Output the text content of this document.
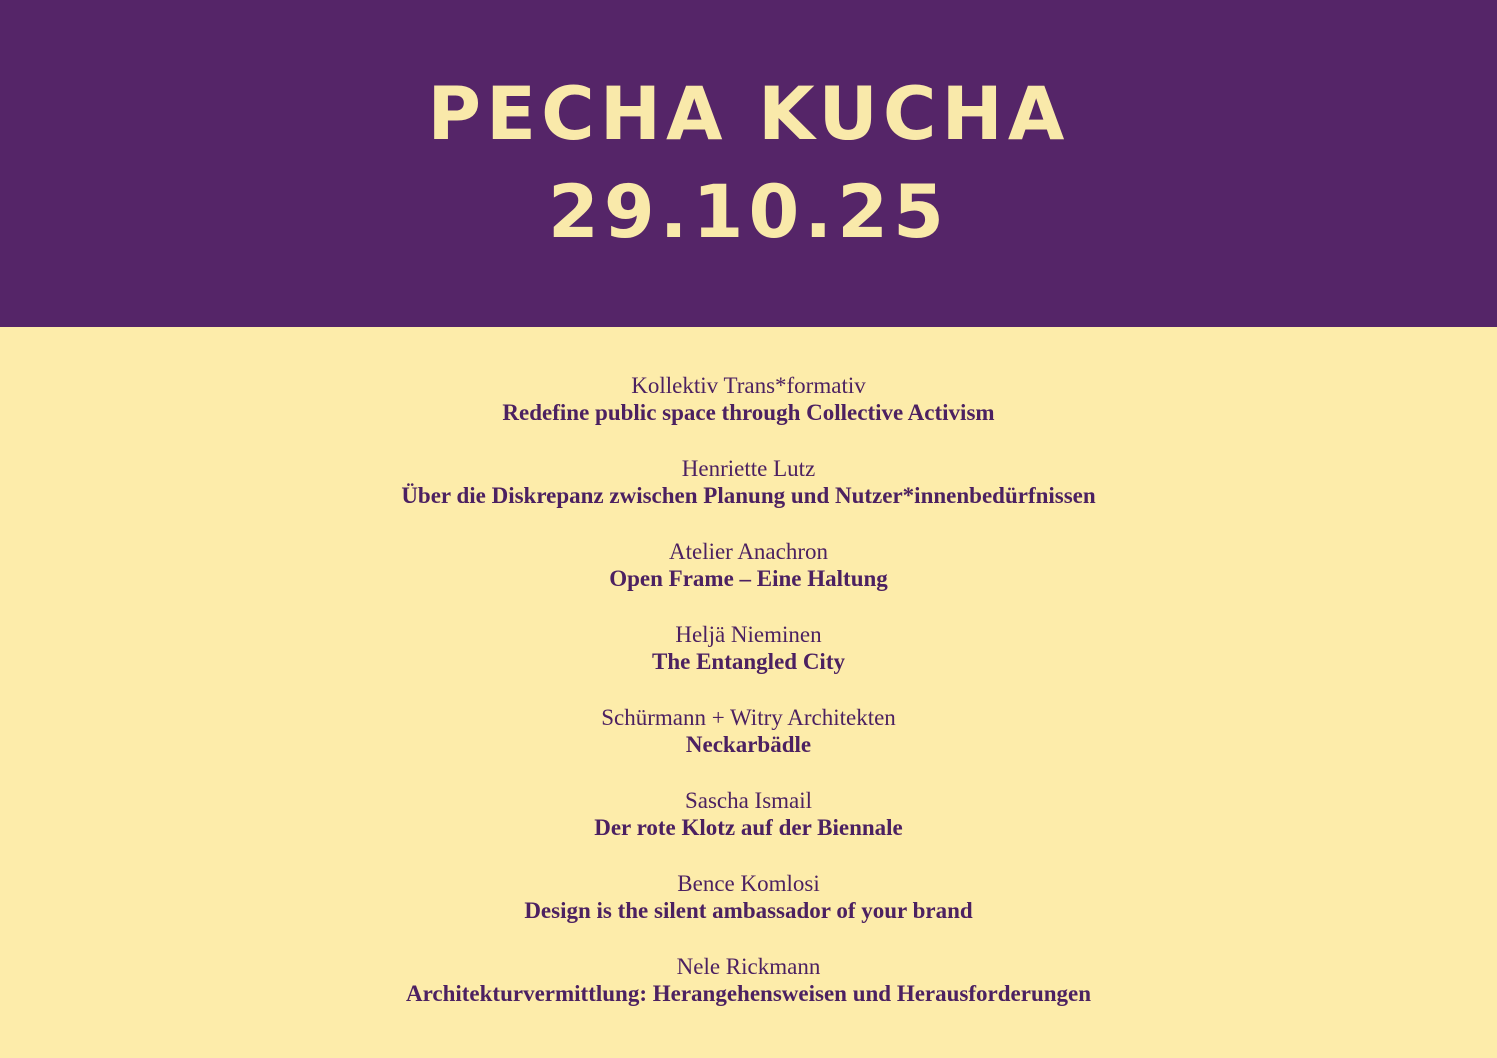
PECHA KUCHA
29.10.25
Kollektiv Trans*formativ
Redefine public space through Collective Activism
Henriette Lutz
Über die Diskrepanz zwischen Planung und Nutzer*innenbedürfnissen
Atelier Anachron
Open Frame – Eine Haltung
Heljä Nieminen
The Entangled City
Schürmann + Witry Architekten
Neckarbädle
Sascha Ismail
Der rote Klotz auf der Biennale
Bence Komlosi
Design is the silent ambassador of your brand
Nele Rickmann
Architekturvermittlung: Herangehensweisen und Herausforderungen
